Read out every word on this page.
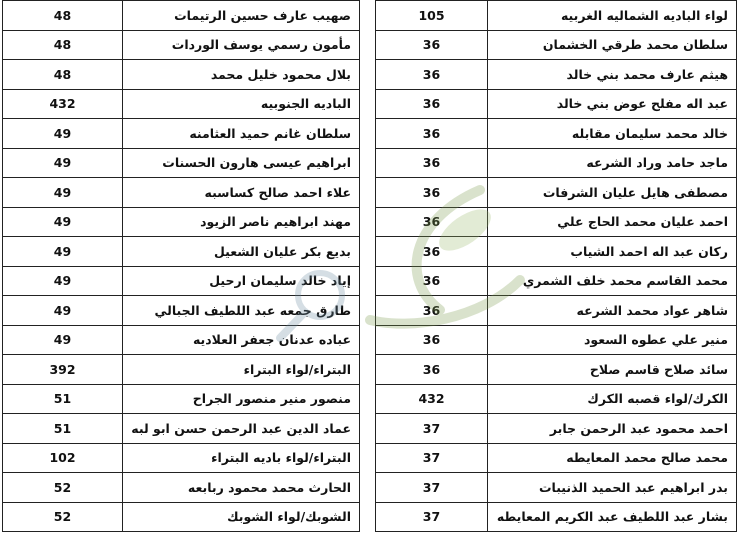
48	صهيب عارف حسين الرتيمات
48	مأمون رسمي يوسف الوردات
48	بلال محمود خليل محمد
432	الباديه الجنوبيه
49	سلطان غانم حميد العثامنه
49	ابراهيم عيسى هارون الحسنات
49	علاء احمد صالح كساسبه
49	مهند ابراهيم ناصر الزيود
49	بديع بكر عليان الشعيل
49	إياد خالد سليمان ارحيل
49	طارق جمعه عبد اللطيف الجبالي
49	عباده عدنان جعفر العلاديه
392	البتراء/لواء البتراء
51	منصور منير منصور الجراح
51	عماد الدين عبد الرحمن حسن ابو لبه
102	البتراء/لواء باديه البتراء
52	الحارث محمد محمود ربابعه
52	الشوبك/لواء الشوبك
105	لواء الباديه الشماليه الغربيه
36	سلطان محمد طرقي الخشمان
36	هيثم عارف محمد بني خالد
36	عبد اله مفلح عوض بني خالد
36	خالد محمد سليمان مقابله
36	ماجد حامد وراد الشرعه
36	مصطفى هايل عليان الشرفات
36	احمد عليان محمد الحاج علي
36	ركان عبد اله احمد الشياب
36	محمد القاسم محمد خلف الشمري
36	شاهر عواد محمد الشرعه
36	منير علي عطوه السعود
36	سائد صلاح قاسم صلاح
432	الكرك/لواء قصبه الكرك
37	احمد محمود عبد الرحمن جابر
37	محمد صالح محمد المعايطه
37	بدر ابراهيم عبد الحميد الذنيبات
37	بشار عبد اللطيف عبد الكريم المعايطه
